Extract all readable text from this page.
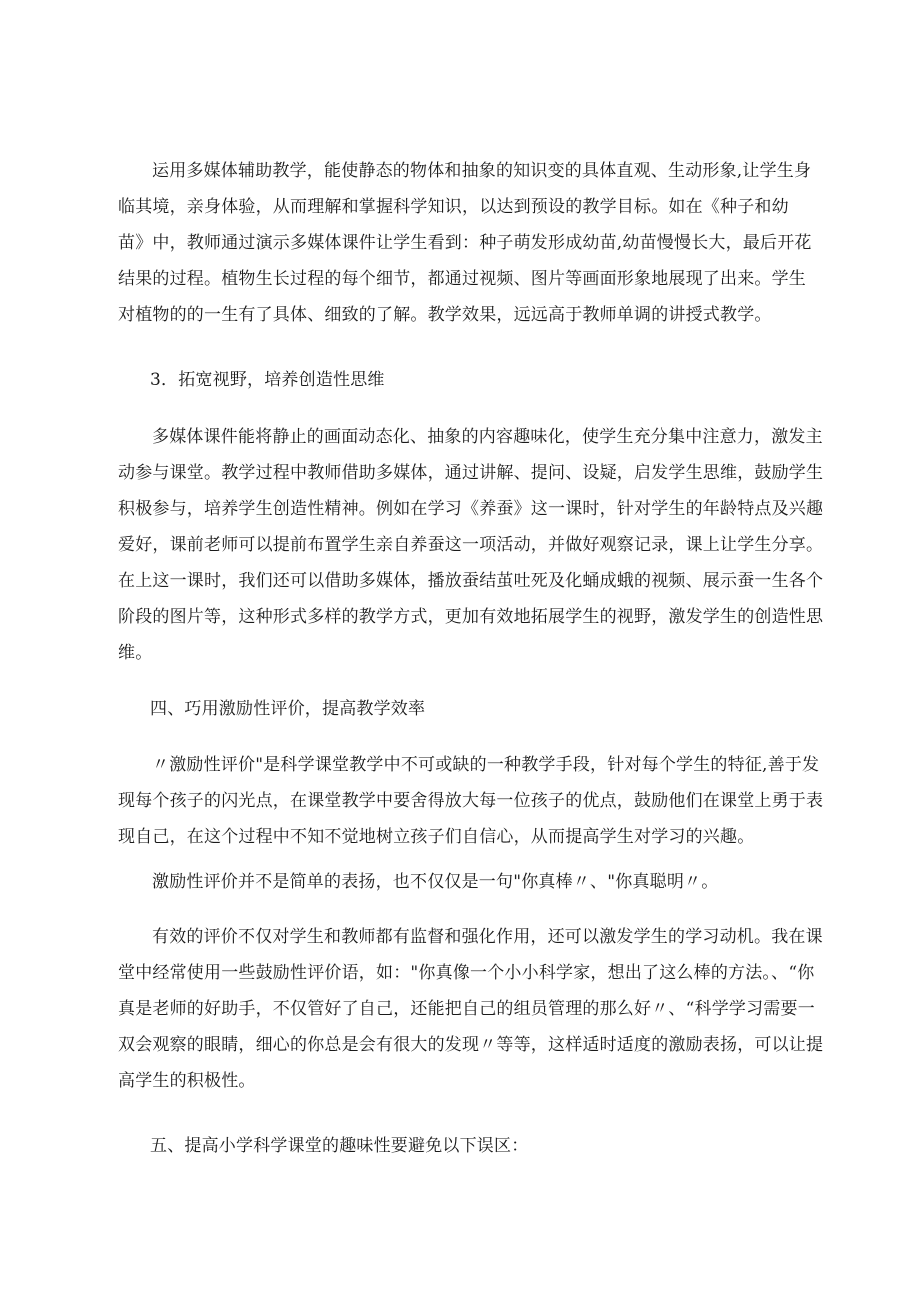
运用多媒体辅助教学，能使静态的物体和抽象的知识变的具体直观、生动形象,让学生身
临其境，亲身体验，从而理解和掌握科学知识，以达到预设的教学目标。如在《种子和幼
苗》中，教师通过演示多媒体课件让学生看到：种子萌发形成幼苗,幼苗慢慢长大，最后开花
结果的过程。植物生长过程的每个细节，都通过视频、图片等画面形象地展现了出来。学生
对植物的的一生有了具体、细致的了解。教学效果，远远高于教师单调的讲授式教学。
3．拓宽视野，培养创造性思维
多媒体课件能将静止的画面动态化、抽象的内容趣味化，使学生充分集中注意力，激发主
动参与课堂。教学过程中教师借助多媒体，通过讲解、提问、设疑，启发学生思维，鼓励学生
积极参与，培养学生创造性精神。例如在学习《养蚕》这一课时，针对学生的年龄特点及兴趣
爱好，课前老师可以提前布置学生亲自养蚕这一项活动，并做好观察记录，课上让学生分享。
在上这一课时，我们还可以借助多媒体，播放蚕结茧吐死及化蛹成蛾的视频、展示蚕一生各个
阶段的图片等，这种形式多样的教学方式，更加有效地拓展学生的视野，激发学生的创造性思
维。
四、巧用激励性评价，提高教学效率
〃激励性评价"是科学课堂教学中不可或缺的一种教学手段，针对每个学生的特征,善于发
现每个孩子的闪光点，在课堂教学中要舍得放大每一位孩子的优点，鼓励他们在课堂上勇于表
现自己，在这个过程中不知不觉地树立孩子们自信心，从而提高学生对学习的兴趣。
激励性评价并不是简单的表扬，也不仅仅是一句"你真棒〃、"你真聪明〃。
有效的评价不仅对学生和教师都有监督和强化作用，还可以激发学生的学习动机。我在课
堂中经常使用一些鼓励性评价语，如："你真像一个小小科学家，想出了这么棒的方法。、“你
真是老师的好助手，不仅管好了自己，还能把自己的组员管理的那么好〃、“科学学习需要一
双会观察的眼睛，细心的你总是会有很大的发现〃等等，这样适时适度的激励表扬，可以让提
高学生的积极性。
五、提高小学科学课堂的趣味性要避免以下误区：
